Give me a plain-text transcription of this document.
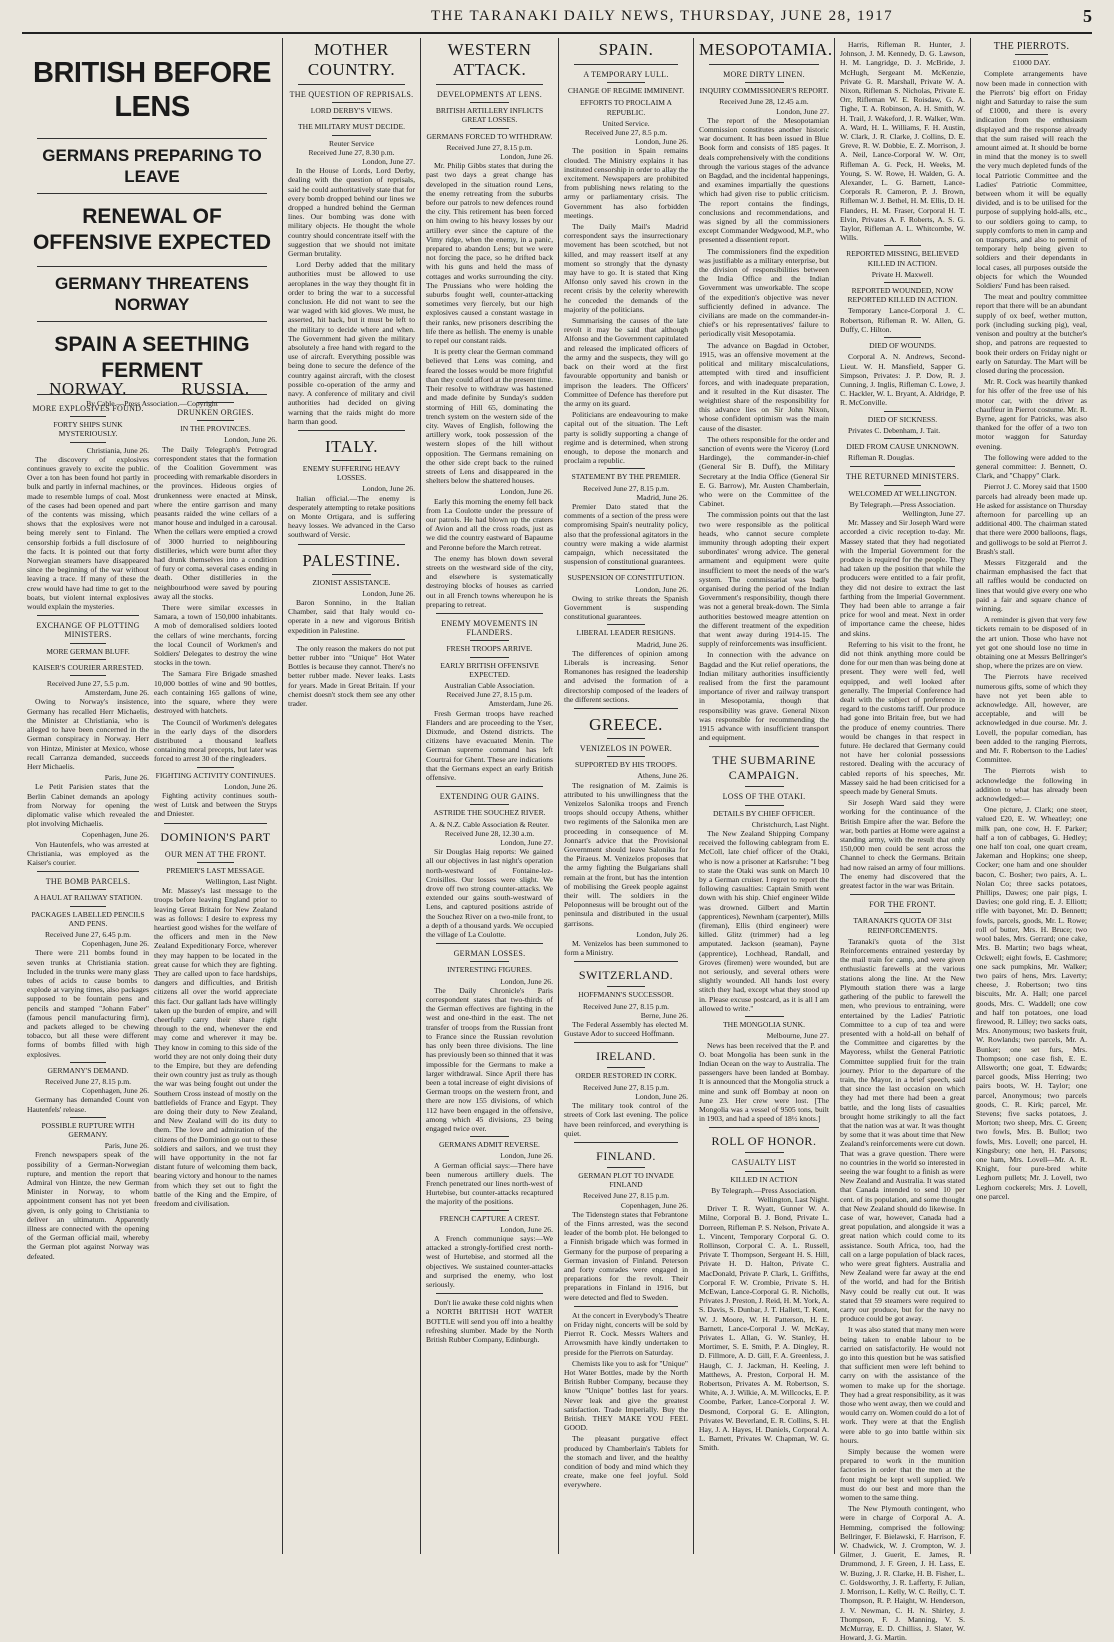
THE TARANAKI DAILY NEWS, THURSDAY, JUNE 28, 1917	5
BRITISH BEFORE LENS
GERMANS PREPARING TO LEAVE
RENEWAL OF OFFENSIVE EXPECTED
GERMANY THREATENS NORWAY
SPAIN A SEETHING FERMENT
By Cable.—Press Association.—Copyright
NORWAY.
MORE EXPLOSIVES FOUND.
FORTY SHIPS SUNK MYSTERIOUSLY.
Christiania, June 26.

The discovery of explosives continues gravely to excite the public. Over a ton has been found hot partly in bulk and partly in infernal machines, or made to resemble lumps of coal. Most of the cases had been opened and part of the contents was missing, which shows that the explosives were not being merely sent to Finland. The censorship forbids a full disclosure of the facts. It is pointed out that forty Norwegian steamers have disappeared since the beginning of the war without leaving a trace. If many of these the crew would have had time to get to the boats, but violent internal explosives would explain the mysteries.

EXCHANGE OF PLOTTING MINISTERS.
MORE GERMAN BLUFF.
KAISER'S COURIER ARRESTED.
Received June 27, 5.5 p.m.
Amsterdam, June 26.

Owing to Norway's insistence, Germany has recalled Herr Michaelis, the Minister at Christiania, who is alleged to have been concerned in the German conspiracy in Norway. Herr von Hintze, Minister at Mexico, whose recall Carranza demanded, succeeds Herr Michaelis.

Paris, June 26.

Le Petit Parisien states that the Berlin Cabinet demands an apology from Norway for opening the diplomatic valise which revealed the plot involving Michaelis.

Copenhagen, June 26.

Von Hautenfels, who was arrested at Christiania, was employed as the Kaiser's courier.

THE BOMB PARCELS.
A HAUL AT RAILWAY STATION.
PACKAGES LABELLED PENCILS AND PENS.
Received June 27, 6.45 p.m.
Copenhagen, June 26.

There were 211 bombs found in seven trunks at Christiania station. Included in the trunks were many glass tubes of acids to cause bombs to explode at varying times, also packages supposed to be fountain pens and pencils and stamped "Johann Faber" (famous pencil manufacturing firm), and packets alleged to be chewing tobacco, but all these were different forms of bombs filled with high explosives.

GERMANY'S DEMAND.
Received June 27, 8.15 p.m.
Copenhagen, June 26.

Germany has demanded Count von Hautenfels' release.

POSSIBLE RUPTURE WITH GERMANY.
Paris, June 26.

French newspapers speak of the possibility of a German-Norwegian rupture, and mention the report that Admiral von Hintze, the new German Minister in Norway, to whom appointment consent has not yet been given, is only going to Christiania to deliver an ultimatum. Apparently illness are connected with the opening of the German official mail, whereby the German plot against Norway was defeated.

RUSSIA.
DRUNKEN ORGIES.
IN THE PROVINCES.
London, June 26.

The Daily Telegraph's Petrograd correspondent states that the formation of the Coalition Government was proceeding with remarkable disorders in the provinces. Hideous orgies of drunkenness were enacted at Minsk, where the entire garrison and many peasants raided the wine cellars of a manor house and indulged in a carousal. When the cellars were emptied a crowd of 3000 hurried to neighbouring distilleries, which were burnt after they had drunk themselves into a condition of fury or coma, several cases ending in death. Other distilleries in the neighbourhood were saved by pouring away all the stocks.

There were similar excesses in Samara, a town of 150,000 inhabitants. A mob of demoralised soldiers looted the cellars of wine merchants, forcing the local Council of Workmen's and Soldiers' Delegates to destroy the wine stocks in the town.

The Samara Fire Brigade smashed 10,000 bottles of wine and 90 bottles, each containing 165 gallons of wine, into the square, where they were destroyed with hatchets.

The Council of Workmen's delegates in the early days of the disorders distributed a thousand leaflets containing moral precepts, but later was forced to arrest 30 of the ringleaders.

FIGHTING ACTIVITY CONTINUES.
London, June 26.

Fighting activity continues south-west of Lutsk and between the Stryps and Dniester.

DOMINION'S PART
OUR MEN AT THE FRONT.
PREMIER'S LAST MESSAGE.
Wellington, Last Night.

Mr. Massey's last message to the troops before leaving England prior to leaving Great Britain for New Zealand was as follows: I desire to express my heartiest good wishes for the welfare of the officers and men in the New Zealand Expeditionary Force, wherever they may happen to be located in the great cause for which they are fighting. They are called upon to face hardships, dangers and difficulties, and British citizens all over the world appreciate this fact. Our gallant lads have willingly taken up the burden of empire, and will cheerfully carry their share right through to the end, whenever the end may come and wherever it may be. They know in coming to this side of the world they are not only doing their duty to the Empire, but they are defending their own country just as truly as though the war was being fought out under the Southern Cross instead of mostly on the battlefields of France and Egypt. They are doing their duty to New Zealand, and New Zealand will do its duty to them. The love and admiration of the citizens of the Dominion go out to these soldiers and sailors, and we trust they will have opportunity in the not far distant future of welcoming them back, bearing victory and honour to the names from which they set out to fight the battle of the King and the Empire, of freedom and civilisation.

MOTHER COUNTRY.
THE QUESTION OF REPRISALS.
LORD DERBY'S VIEWS.
THE MILITARY MUST DECIDE.
Reuter Service
Received June 27, 8.30 p.m.
London, June 27.

In the House of Lords, Lord Derby, dealing with the question of reprisals, said he could authoritatively state that for every bomb dropped behind our lines we dropped a hundred behind the German lines. Our bombing was done with military objects. He thought the whole country should concentrate itself with the suggestion that we should not imitate German brutality.

Lord Derby added that the military authorities must be allowed to use aeroplanes in the way they thought fit in order to bring the war to a successful conclusion. He did not want to see the war waged with kid gloves. We must, he asserted, hit back, but it must be left to the military to decide where and when. The Government had given the military absolutely a free hand with regard to the use of aircraft. Everything possible was being done to secure the defence of the country against aircraft, with the closest possible co-operation of the army and navy. A conference of military and civil authorities had decided on giving warning that the raids might do more harm than good.

ITALY.
ENEMY SUFFERING HEAVY LOSSES.
London, June 26.

Italian official.—The enemy is desperately attempting to retake positions on Monte Ortigara, and is suffering heavy losses. We advanced in the Carso southward of Versic.

PALESTINE.
ZIONIST ASSISTANCE.
London, June 26.

Baron Sonnino, in the Italian Chamber, said that Italy would co-operate in a new and vigorous British expedition in Palestine.

The only reason the makers do not put better rubber into "Unique" Hot Water Bottles is because they cannot. There's no better rubber made. Never leaks. Lasts for years. Made in Great Britain. If your chemist doesn't stock them see any other trader.

WESTERN ATTACK.
DEVELOPMENTS AT LENS.
BRITISH ARTILLERY INFLICTS GREAT LOSSES.
GERMANS FORCED TO WITHDRAW.
Received June 27, 8.15 p.m.
London, June 26.

Mr. Philip Gibbs states that during the past two days a great change has developed in the situation round Lens, the enemy retreating from the suburbs before our patrols to new defences round the city. This retirement has been forced on him owing to his heavy losses by our artillery ever since the capture of the Vimy ridge, when the enemy, in a panic, prepared to abandon Lens; but we were not forcing the pace, so he drifted back with his guns and held the mass of cottages and works surrounding the city. The Prussians who were holding the suburbs fought well, counter-attacking sometimes very fiercely, but our high explosives caused a constant wastage in their ranks, new prisoners describing the life there as hellish. The enemy is unable to repel our constant raids.

It is pretty clear the German command believed that Lens was coming, and feared the losses would be more frightful than they could afford at the present time. Their resolve to withdraw was hastened and made definite by Sunday's sudden storming of Hill 65, dominating the trench system on the western side of the city. Waves of English, following the artillery work, took possession of the western slopes of the hill without opposition. The Germans remaining on the other side crept back to the ruined streets of Lens and disappeared in the shelters below the shattered houses.

London, June 26.

Early this morning the enemy fell back from La Coulotte under the pressure of our patrols. He had blown up the craters of Avion and all the cross roads, just as we did the country eastward of Bapaume and Peronne before the March retreat.

The enemy has blown down several streets on the westward side of the city, and elsewhere is systematically destroying blocks of houses as carried out in all French towns whereupon he is preparing to retreat.

ENEMY MOVEMENTS IN FLANDERS.
FRESH TROOPS ARRIVE.
EARLY BRITISH OFFENSIVE EXPECTED.
Australian Cable Association.
Received June 27, 8.15 p.m.
Amsterdam, June 26.

Fresh German troops have reached Flanders and are proceeding to the Yser, Dixmude, and Ostend districts. The citizens have evacuated Menin. The German supreme command has left Courtrai for Ghent. These are indications that the Germans expect an early British offensive.

EXTENDING OUR GAINS.
ASTRIDE THE SOUCHEZ RIVER.
A. & N.Z. Cable Association & Reuter.
Received June 28, 12.30 a.m.
London, June 27.

Sir Douglas Haig reports: We gained all our objectives in last night's operation north-westward of Fontaine-lez-Croisilles. Our losses were slight. We drove off two strong counter-attacks. We extended our gains south-westward of Lens, and captured positions astride of the Souchez River on a two-mile front, to a depth of a thousand yards. We occupied the village of La Coulotte.

GERMAN LOSSES.
INTERESTING FIGURES.
London, June 26.

The Daily Chronicle's Paris correspondent states that two-thirds of the German effectives are fighting in the west and one-third in the east. The net transfer of troops from the Russian front to France since the Russian revolution has only been three divisions. The line has previously been so thinned that it was impossible for the Germans to make a larger withdrawal. Since April there has been a total increase of eight divisions of German troops on the western front, and there are now 155 divisions, of which 112 have been engaged in the offensive, among which 45 divisions, 23 being engaged twice over.

GERMANS ADMIT REVERSE.
London, June 26.

A German official says:—There have been numerous artillery duels. The French penetrated our lines north-west of Hurtebise, but counter-attacks recaptured the majority of the positions.

FRENCH CAPTURE A CREST.
London, June 26.

A French communique says:—We attacked a strongly-fortified crest north-west of Hurtebise, and stormed all the objectives. We sustained counter-attacks and surprised the enemy, who lost seriously.

Don't lie awake these cold nights when a NORTH BRITISH HOT WATER BOTTLE will send you off into a healthy refreshing slumber. Made by the North British Rubber Company, Edinburgh.

SPAIN.
A TEMPORARY LULL.
CHANGE OF REGIME IMMINENT.
EFFORTS TO PROCLAIM A REPUBLIC.
United Service.
Received June 27, 8.5 p.m.
London, June 26.

The position in Spain remains clouded. The Ministry explains it has instituted censorship in order to allay the excitement. Newspapers are prohibited from publishing news relating to the army or parliamentary crisis. The Government has also forbidden meetings.

The Daily Mail's Madrid correspondent says the insurrectionary movement has been scotched, but not killed, and may reassert itself at any moment so strongly that the dynasty may have to go. It is stated that King Alfonso only saved his crown in the recent crisis by the celerity wherewith he conceded the demands of the majority of the politicians.

Summarising the causes of the late revolt it may be said that although Alfonso and the Government capitulated and released the implicated officers of the army and the suspects, they will go back on their word at the first favourable opportunity and banish or imprison the leaders. The Officers' Committee of Defence has therefore put the army on its guard.

Politicians are endeavouring to make capital out of the situation. The Left party is solidly supporting a change of regime and is determined, when strong enough, to depose the monarch and proclaim a republic.

STATEMENT BY THE PREMIER.
Received June 27, 8.15 p.m.
Madrid, June 26.

Premier Dato stated that the comments of a section of the press were compromising Spain's neutrality policy, also that the professional agitators in the country were making a wide alarmist campaign, which necessitated the suspension of constitutional guarantees.

SUSPENSION OF CONSTITUTION.
London, June 26.

Owing to strike threats the Spanish Government is suspending constitutional guarantees.

LIBERAL LEADER RESIGNS.
Madrid, June 26.

The differences of opinion among Liberals is increasing. Senor Romanones has resigned the leadership and advised the formation of a directorship composed of the leaders of the different sections.

GREECE.
VENIZELOS IN POWER.
SUPPORTED BY HIS TROOPS.
Athens, June 26.

The resignation of M. Zaimis is attributed to his unwillingness that the Venizelos Salonika troops and French troops should occupy Athens, whither two regiments of the Salonika men are proceeding in consequence of M. Jonnart's advice that the Provisional Government should leave Salonika for the Piraeus. M. Venizelos proposes that the army fighting the Bulgarians shall remain at the front, but has the intention of mobilising the Greek people against their will. The soldiers in the Peloponnesus will be brought out of the peninsula and distributed in the usual garrisons.

London, July 26.

M. Venizelos has been summoned to form a Ministry.

SWITZERLAND.
HOFFMANN'S SUCCESSOR.
Received June 27, 8.15 p.m.
Berne, June 26.

The Federal Assembly has elected M. Gustave Ador to succeed Hoffmann.

IRELAND.
ORDER RESTORED IN CORK.
Received June 27, 8.15 p.m.
London, June 26.

The military took control of the streets of Cork last evening. The police have been reinforced, and everything is quiet.

FINLAND.
GERMAN PLOT TO INVADE FINLAND
Received June 27, 8.15 p.m.
Copenhagen, June 26.

The Tidenstegn states that Febrantone of the Finns arrested, was the second leader of the bomb plot. He belonged to a Finnish brigade which was formed in Germany for the purpose of preparing a German invasion of Finland. Peterson and forty comrades were engaged in preparations for the revolt. Their preparations in Finland in 1916, but were detected and fled to Sweden.

At the concert in Everybody's Theatre on Friday night, concerts will be sold by Pierrot R. Cock. Messrs Walters and Arrowsmith have kindly undertaken to preside for the Pierrots on Saturday.

Chemists like you to ask for "Unique" Hot Water Bottles, made by the North British Rubber Company, because they know "Unique" bottles last for years. Never leak and give the greatest satisfaction. Trade Imperially. Buy the British. THEY MAKE YOU FEEL GOOD.

The pleasant purgative effect produced by Chamberlain's Tablets for the stomach and liver, and the healthy condition of body and mind which they create, make one feel joyful. Sold everywhere.

MESOPOTAMIA.
MORE DIRTY LINEN.
INQUIRY COMMISSIONER'S REPORT.
Received June 28, 12.45 a.m.
London, June 27.

The report of the Mesopotamian Commission constitutes another historic war document. It has been issued in Blue Book form and consists of 185 pages. It deals comprehensively with the conditions through the various stages of the advance on Bagdad, and the incidental happenings, and examines impartially the questions which had given rise to public criticism. The report contains the findings, conclusions and recommendations, and was signed by all the commissioners except Commander Wedgwood, M.P., who presented a dissentient report.

The commissioners find the expedition was justifiable as a military enterprise, but the division of responsibilities between the India Office and the Indian Government was unworkable. The scope of the expedition's objective was never sufficiently defined in advance. The civilians are made on the commander-in-chief's or his representatives' failure to periodically visit Mesopotamia.

The advance on Bagdad in October, 1915, was an offensive movement at the political and military miscalculations, attempted with tired and insufficient forces, and with inadequate preparation, and it resulted in the Kut disaster. The weightiest share of the responsibility for this advance lies on Sir John Nixon, whose confident optimism was the main cause of the disaster.

The others responsible for the order and sanction of events were the Viceroy (Lord Hardinge), the commander-in-chief (General Sir B. Duff), the Military Secretary at the India Office (General Sir E. G. Barrow), Mr. Austen Chamberlain, who were on the Committee of the Cabinet.

The commission points out that the last two were responsible as the political heads, who cannot secure complete immunity through adopting their expert subordinates' wrong advice. The general armament and equipment were quite insufficient to meet the needs of the war's system. The commissariat was badly organised during the period of the Indian Government's responsibility, though there was not a general break-down. The Simla authorities bestowed meagre attention on the different treatment of the expedition that went away during 1914-15. The supply of reinforcements was insufficient.

In connection with the advance on Bagdad and the Kut relief operations, the Indian military authorities insufficiently realised from the first the paramount importance of river and railway transport in Mesopotamia, though that responsibility was grave. General Nixon was responsible for recommending the 1915 advance with insufficient transport and equipment.

THE SUBMARINE CAMPAIGN.
LOSS OF THE OTAKI.
DETAILS BY CHIEF OFFICER.
Christchurch, Last Night.

The New Zealand Shipping Company received the following cablegram from E. McColl, late chief officer of the Otaki, who is now a prisoner at Karlsruhe: "I beg to state the Otaki was sunk on March 10 by a German cruiser. I regret to report the following casualties: Captain Smith went down with his ship. Chief engineer Wilde was drowned. Gilbert and Martin (apprentices), Newnham (carpenter), Mills (fireman), Ellis (third engineer) were killed. Glitz (trimmer) had a leg amputated. Jackson (seaman), Payne (apprentice), Lochhead, Randall, and Groves (firemen) were wounded, but are not seriously, and several others were slightly wounded. All hands lost every stitch they had, except what they stood up in. Please excuse postcard, as it is all I am allowed to write."

THE MONGOLIA SUNK.
Melbourne, June 27.

News has been received that the P. and O. boat Mongolia has been sunk in the Indian Ocean on the way to Australia. The passengers have been landed at Bombay. It is announced that the Mongolia struck a mine and sunk off Bombay at noon on June 23. Her crew were lost. [The Mongolia was a vessel of 9505 tons, built in 1903, and had a speed of 18½ knots.]

ROLL OF HONOR.
CASUALTY LIST
KILLED IN ACTION
By Telegraph.—Press Association.
Wellington, Last Night.

Driver T. R. Wyatt, Gunner W. A. Milne, Corporal B. J. Bond, Private L. Dorreen, Rifleman P. S. Nelson, Private A. L. Vincent, Temporary Corporal G. O. Rollinson, Corporal C. A. L. Russell, Private T. Thompson, Sergeant H. S. Hill, Private H. D. Halton, Private C. MacDonald, Private P. Clark, L. Griffiths, Corporal F. W. Crombie, Private S. H. McEwan, Lance-Corporal G. R. Nicholls, Privates J. Preston, J. Reid, H. M. York, A. S. Davis, S. Dunbar, J. T. Hallett, T. Kent, W. J. Moore, W. H. Patterson, H. E. Barnett, Lance-Corporal J. W. McKay, Privates L. Allan, G. W. Stanley, H. Mortimer, S. E. Smith, P. A. Dingley, R. D. Fillmore, A. D. Gill, F. A. Greenless, J. Haugh, C. J. Jackman, H. Keeling, J. Matthews, A. Preston, Corporal H. M. Robertson, Privates A. M. Robertson, S. White, A. J. Wilkie, A. M. Willcocks, E. P. Coombe, Parker, Lance-Corporal J. W. Desmond, Corporal G. E. Allington, Privates W. Beverland, E. R. Collins, S. H. Hay, J. A. Hayes, H. Daniels, Corporal A. L. Barnett, Privates W. Chapman, W. G. Smith.

Harris, Rifleman R. Hunter, J. Johnson, J. M. Kennedy, D. G. Lawson, H. M. Langridge, D. J. McBride, J. McHugh, Sergeant M. McKenzie, Private G. R. Marshall, Private W. A. Nixon, Rifleman S. Nicholas, Private E. Orr, Rifleman W. E. Roisdaw, G. A. Tighe, T. A. Robinson, A. H. Smith, W. H. Trail, J. Wakeford, J. R. Walker, Wm. A. Ward, H. L. Williams, F. H. Austin, W. Clark, J. R. Clarke, J. Collins, D. E. Greve, R. W. Dobbie, E. Z. Morrison, J. A. Neil, Lance-Corporal W. W. Orr, Rifleman A. G. Peck, H. Weeks, M. Young, S. W. Rowe, H. Walden, G. A. Alexander, L. G. Barnett, Lance-Corporals R. Cameron, P. J. Brown, Rifleman W. J. Bethel, H. M. Ellis, D. H. Flanders, H. M. Fraser, Corporal H. T. Elvin, Privates A. F. Roberts, A. S. G. Taylor, Rifleman A. L. Whitcombe, W. Wills.

REPORTED MISSING, BELIEVED KILLED IN ACTION.
Private H. Maxwell.
REPORTED WOUNDED, NOW REPORTED KILLED IN ACTION.

Temporary Lance-Corporal J. C. Robertson, Rifleman R. W. Allen, G. Duffy, C. Hilton.

DIED OF WOUNDS.

Corporal A. N. Andrews, Second-Lieut. W. H. Mansfield, Sapper G. Simpson, Privates: J. P. Dow, R. J. Cunning, J. Inglis, Rifleman C. Lowe, J. C. Hackler, W. L. Bryant, A. Aldridge, P. R. McConville.

DIED OF SICKNESS.

Privates C. Debenham, J. Tait.

DIED FROM CAUSE UNKNOWN.

Rifleman R. Douglas.

THE RETURNED MINISTERS.
WELCOMED AT WELLINGTON.
By Telegraph.—Press Association.
Wellington, June 27.

Mr. Massey and Sir Joseph Ward were accorded a civic reception to-day. Mr. Massey stated that they had negotiated with the Imperial Government for the produce is required for the people. They had taken up the position that while the producers were entitled to a fair profit, they did not desire to extract the last farthing from the Imperial Government. They had been able to arrange a fair price for wool and meat. Next in order of importance came the cheese, hides and skins.

Referring to his visit to the front, he did not think anything more could be done for our men than was being done at present. They were well fed, well equipped, and well looked after generally. The Imperial Conference had dealt with the subject of preference in regard to the customs tariff. Our produce had gone into Britain free, but we had the produce of enemy countries. There would be changes in that respect in future. He declared that Germany could not have her colonial possessions restored. Dealing with the accuracy of cabled reports of his speeches, Mr. Massey said he had been criticised for a speech made by General Smuts.

Sir Joseph Ward said they were working for the continuance of the British Empire after the war. Before the war, both parties at Home were against a standing army, with the result that only 150,000 men could be sent across the Channel to check the Germans. Britain had now raised an army of four millions. The enemy had discovered that the greatest factor in the war was Britain.

FOR THE FRONT.
TARANAKI'S QUOTA OF 31st REINFORCEMENTS.

Taranaki's quota of the 31st Reinforcements entrained yesterday by the mail train for camp, and were given enthusiastic farewells at the various stations along the line. At the New Plymouth station there was a large gathering of the public to farewell the men, who previous to entraining, were entertained by the Ladies' Patriotic Committee to a cup of tea and were presented with a hold-all on behalf of the Committee and cigarettes by the Mayoress, whilst the General Patriotic Committee supplied fruit for the train journey. Prior to the departure of the train, the Mayor, in a brief speech, said that since the last occasion on which they had met there had been a great battle, and the long lists of casualties brought home strikingly to all the fact that the nation was at war. It was thought by some that it was about time that New Zealand's reinforcements were cut down. That was a grave question. There were no countries in the world so interested in seeing the war fought to a finish as were New Zealand and Australia. It was stated that Canada intended to send 10 per cent. of its population, and some thought that New Zealand should do likewise. In case of war, however, Canada had a great population, and alongside it was a great nation which could come to its assistance. South Africa, too, had the call on a large population of black races, who were great fighters. Australia and New Zealand were far away at the end of the world, and had for the British Navy could be really cut out. It was stated that 59 steamers were required to carry our produce, but for the navy no produce could be got away.

It was also stated that many men were being taken to enable labour to be carried on satisfactorily. He would not go into this question but he was satisfied that sufficient men were left behind to carry on with the assistance of the women to make up for the shortage. They had a great responsibility, as it was those who went away, then we could and would carry on. Women could do a lot of work. They were at that the English were able to go into battle within six hours.

Simply because the women were prepared to work in the munition factories in order that the men at the front might be kept well supplied. We must do our best and more than the women to the same thing.

The New Plymouth contingent, who were in charge of Corporal A. A. Hemming, comprised the following: Bellringer, F. Bielawski, F. Harrison, F. W. Chadwick, W. J. Crompton, W. J. Gilmer, J. Guerit, E. James, R. Drummond, J. F. Green, J. H. Lass, E. W. Buzing, J. R. Clarke, H. B. Fisher, L. C. Goldsworthy, J. R. Lafferty, F. Julian, J. Morrison, L. Kelly, W. C. Reilly, C. T. Thompson, R. P. Haight, W. Henderson, J. V. Newman, C. H. N. Shirley, J. Thompson, F. J. Manning, V. S. McMurray, E. D. Chilliss, J. Slater, W. Howard, J. G. Martin.

THE PIERROTS.
£1000 DAY.

Complete arrangements have now been made in connection with the Pierrots' big effort on Friday night and Saturday to raise the sum of £1000, and there is every indication from the enthusiasm displayed and the response already that the sum raised will reach the amount aimed at. It should be borne in mind that the money is to swell the very much depleted funds of the local Patriotic Committee and the Ladies' Patriotic Committee, between whom it will be equally divided, and is to be utilised for the purpose of supplying hold-alls, etc., to our soldiers going to camp, to supply comforts to men in camp and on transports, and also to permit of temporary help being given to soldiers and their dependants in local cases, all purposes outside the objects for which the Wounded Soldiers' Fund has been raised.

The meat and poultry committee report that there will be an abundant supply of ox beef, wether mutton, pork (including sucking pig), veal, venison and poultry at the butcher's shop, and patrons are requested to book their orders on Friday night or early on Saturday. The Mart will be closed during the procession.

Mr. R. Cock was heartily thanked for his offer of the free use of his motor car, with the driver as chauffeur in Pierrot costume. Mr. R. Byrne, agent for Patricks, was also thanked for the offer of a two ton motor waggon for Saturday evening.

The following were added to the general committee: J. Bennett, O. Clark, and "Chappy" Clark.

Pierrot J. C. Morey said that 1500 parcels had already been made up. He asked for assistance on Thursday afternoon for parcelling up an additional 400. The chairman stated that there were 2000 balloons, flags, and golliwogs to be sold at Pierrot J. Brash's stall.

Messrs Fitzgerald and the chairman emphasised the fact that all raffles would be conducted on lines that would give every one who paid a fair and square chance of winning.

A reminder is given that very few tickets remain to be disposed of in the art union. Those who have not yet got one should lose no time in obtaining one at Messrs Bellringer's shop, where the prizes are on view.

The Pierrots have received numerous gifts, some of which they have not yet been able to acknowledge. All, however, are acceptable, and will be acknowledged in due course. Mr. J. Lovell, the popular comedian, has been added to the ranging Pierrots, and Mr. F. Robertson to the Ladies' Committee.

The Pierrots wish to acknowledge the following in addition to what has already been acknowledged:—

One picture, J. Clark; one steer, valued £20, E. W. Wheatley; one milk pan, one cow, H. F. Parker; half a ton of cabbages, G. Hedley; one half ton coal, one quart cream, Jakeman and Hopkins; one sheep, Cocker; one ham and one shoulder bacon, C. Bosher; two pairs, A. L. Nolan Co; three sacks potatoes, Phillips, Dawes; one pair pigs, I. Davies; one gold ring, E. J. Elliott; rifle with bayonet, Mr. D. Bennett; fowls, parcels, goods, Mr. L. Rowe; roll of butter, Mrs. H. Bruce; two wool bales, Mrs. Gerrard; one cake, Mrs. B. Martin; two bags wheat, Ockwell; eight fowls, E. Cashmore; one sack pumpkins, Mr. Walker; two pairs of hens, Mrs. Laverty; cheese, J. Robertson; two tins biscuits, Mr. A. Hall; one parcel goods, Mrs. C. Waddell; one cow and half ton potatoes, one load firewood, R. Lilley; two sacks oats, Mrs. Anonymous; two baskets fruit, W. Rowlands; two parcels, Mr. A. Bunker; one set furs, Mrs. Thompson; one case fish, E. E. Allsworth; one goat, T. Edwards; parcel goods, Miss Herring; two pairs boots, W. H. Taylor; one parcel, Anonymous; two parcels goods, C. R. Kirk; parcel, Mr. Stevens; five sacks potatoes, J. Morton; two sheep, Mrs. C. Green; two fowls, Mrs. B. Bullot; two fowls, Mrs. Lovell; one parcel, H. Kingsbury; one hen, H. Parsons; one ham, Mrs. Lovell—Mr. A. R. Knight, four pure-bred white Leghorn pullets; Mr. J. Lovell, two Leghorn cockerels; Mrs. J. Lovell, one parcel.
